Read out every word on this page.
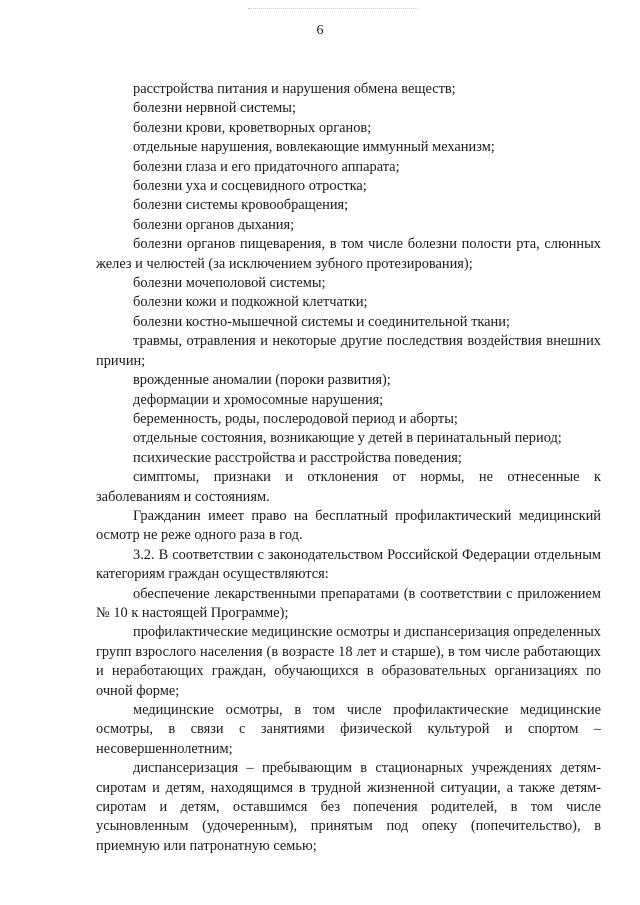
6

расстройства питания и нарушения обмена веществ;

болезни нервной системы;

болезни крови, кроветворных органов;

отдельные нарушения, вовлекающие иммунный механизм;

болезни глаза и его придаточного аппарата;

болезни уха и сосцевидного отростка;

болезни системы кровообращения;

болезни органов дыхания;

болезни органов пищеварения, в том числе болезни полости рта, слюнных желез и челюстей (за исключением зубного протезирования);

болезни мочеполовой системы;

болезни кожи и подкожной клетчатки;

болезни костно-мышечной системы и соединительной ткани;

травмы, отравления и некоторые другие последствия воздействия внешних причин;

врожденные аномалии (пороки развития);

деформации и хромосомные нарушения;

беременность, роды, послеродовой период и аборты;

отдельные состояния, возникающие у детей в перинатальный период;

психические расстройства и расстройства поведения;

симптомы, признаки и отклонения от нормы, не отнесенные к заболеваниям и состояниям.

Гражданин имеет право на бесплатный профилактический медицинский осмотр не реже одного раза в год.

3.2. В соответствии с законодательством Российской Федерации отдельным категориям граждан осуществляются:

обеспечение лекарственными препаратами (в соответствии с приложением № 10 к настоящей Программе);

профилактические медицинские осмотры и диспансеризация определенных групп взрослого населения (в возрасте 18 лет и старше), в том числе работающих и неработающих граждан, обучающихся в образовательных организациях по очной форме;

медицинские осмотры, в том числе профилактические медицинские осмотры, в связи с занятиями физической культурой и спортом – несовершеннолетним;

диспансеризация – пребывающим в стационарных учреждениях детям-сиротам и детям, находящимся в трудной жизненной ситуации, а также детям-сиротам и детям, оставшимся без попечения родителей, в том числе усыновленным (удочеренным), принятым под опеку (попечительство), в приемную или патронатную семью;
